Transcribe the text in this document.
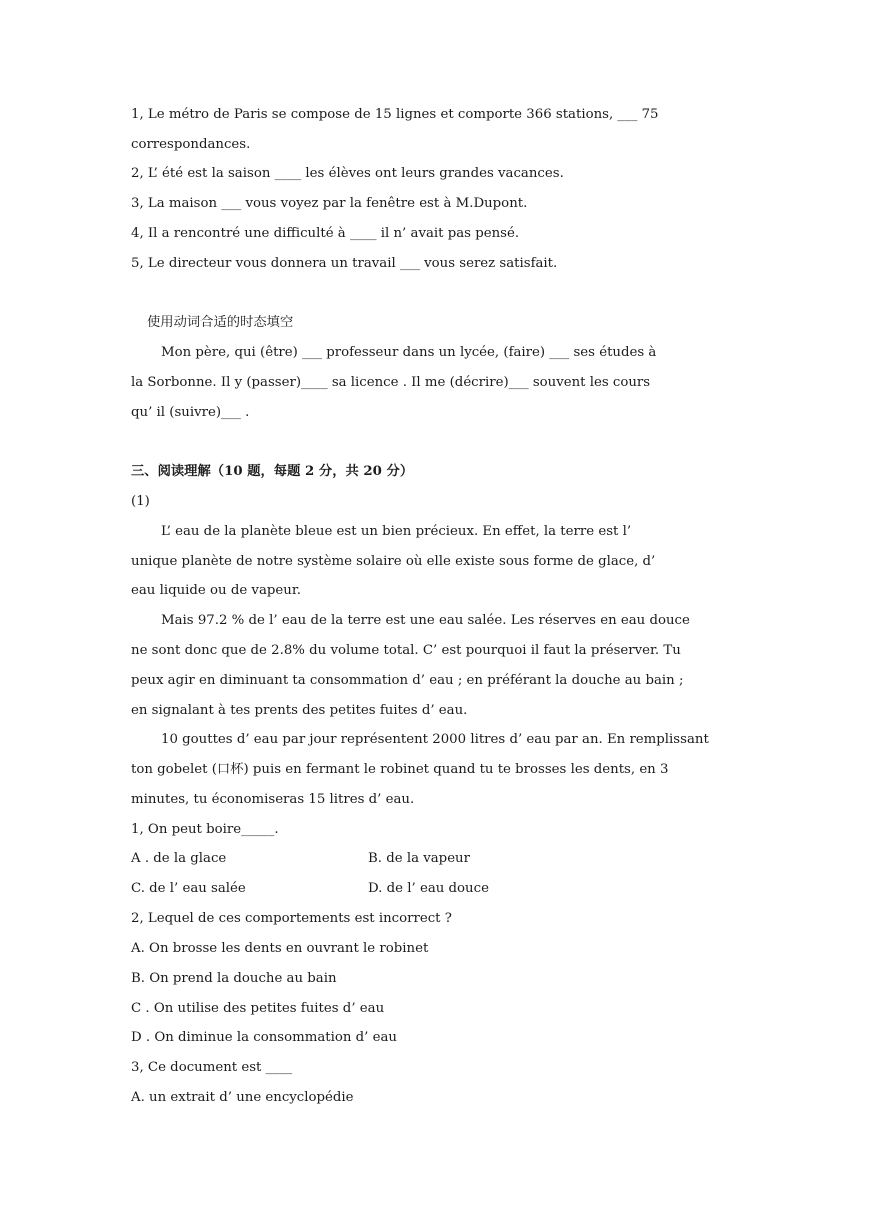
1, Le métro de Paris se compose de 15 lignes et comporte 366 stations, ___ 75
correspondances.
2, L’ été est la saison ____ les élèves ont leurs grandes vacances.
3, La maison ___ vous voyez par la fenêtre est à M.Dupont.
4, Il a rencontré une difficulté à ____ il n’ avait pas pensé.
5, Le directeur vous donnera un travail ___ vous serez satisfait.
使用动词合适的时态填空
Mon père, qui (être) ___ professeur dans un lycée, (faire) ___ ses études à
la Sorbonne. Il y (passer)____ sa licence . Il me (décrire)___ souvent les cours
qu’ il (suivre)___ .
三、阅读理解（10 题，每题 2 分，共 20 分）
(1)
L’ eau de la planète bleue est un bien précieux. En effet, la terre est l’
unique planète de notre système solaire où elle existe sous forme de glace, d’
eau liquide ou de vapeur.
Mais 97.2 % de l’ eau de la terre est une eau salée. Les réserves en eau douce
ne sont donc que de 2.8% du volume total. C’ est pourquoi il faut la préserver. Tu
peux agir en diminuant ta consommation d’ eau ; en préférant la douche au bain ;
en signalant à tes prents des petites fuites d’ eau.
10 gouttes d’ eau par jour représentent 2000 litres d’ eau par an. En remplissant
ton gobelet (口杯) puis en fermant le robinet quand tu te brosses les dents, en 3
minutes, tu économiseras 15 litres d’ eau.
1, On peut boire_____.
A . de la glace	B. de la vapeur
C. de l’ eau salée	D. de l’ eau douce
2, Lequel de ces comportements est incorrect ?
A. On brosse les dents en ouvrant le robinet
B. On prend la douche au bain
C . On utilise des petites fuites d’ eau
D . On diminue la consommation d’ eau
3, Ce document est ____
A. un extrait d’ une encyclopédie
